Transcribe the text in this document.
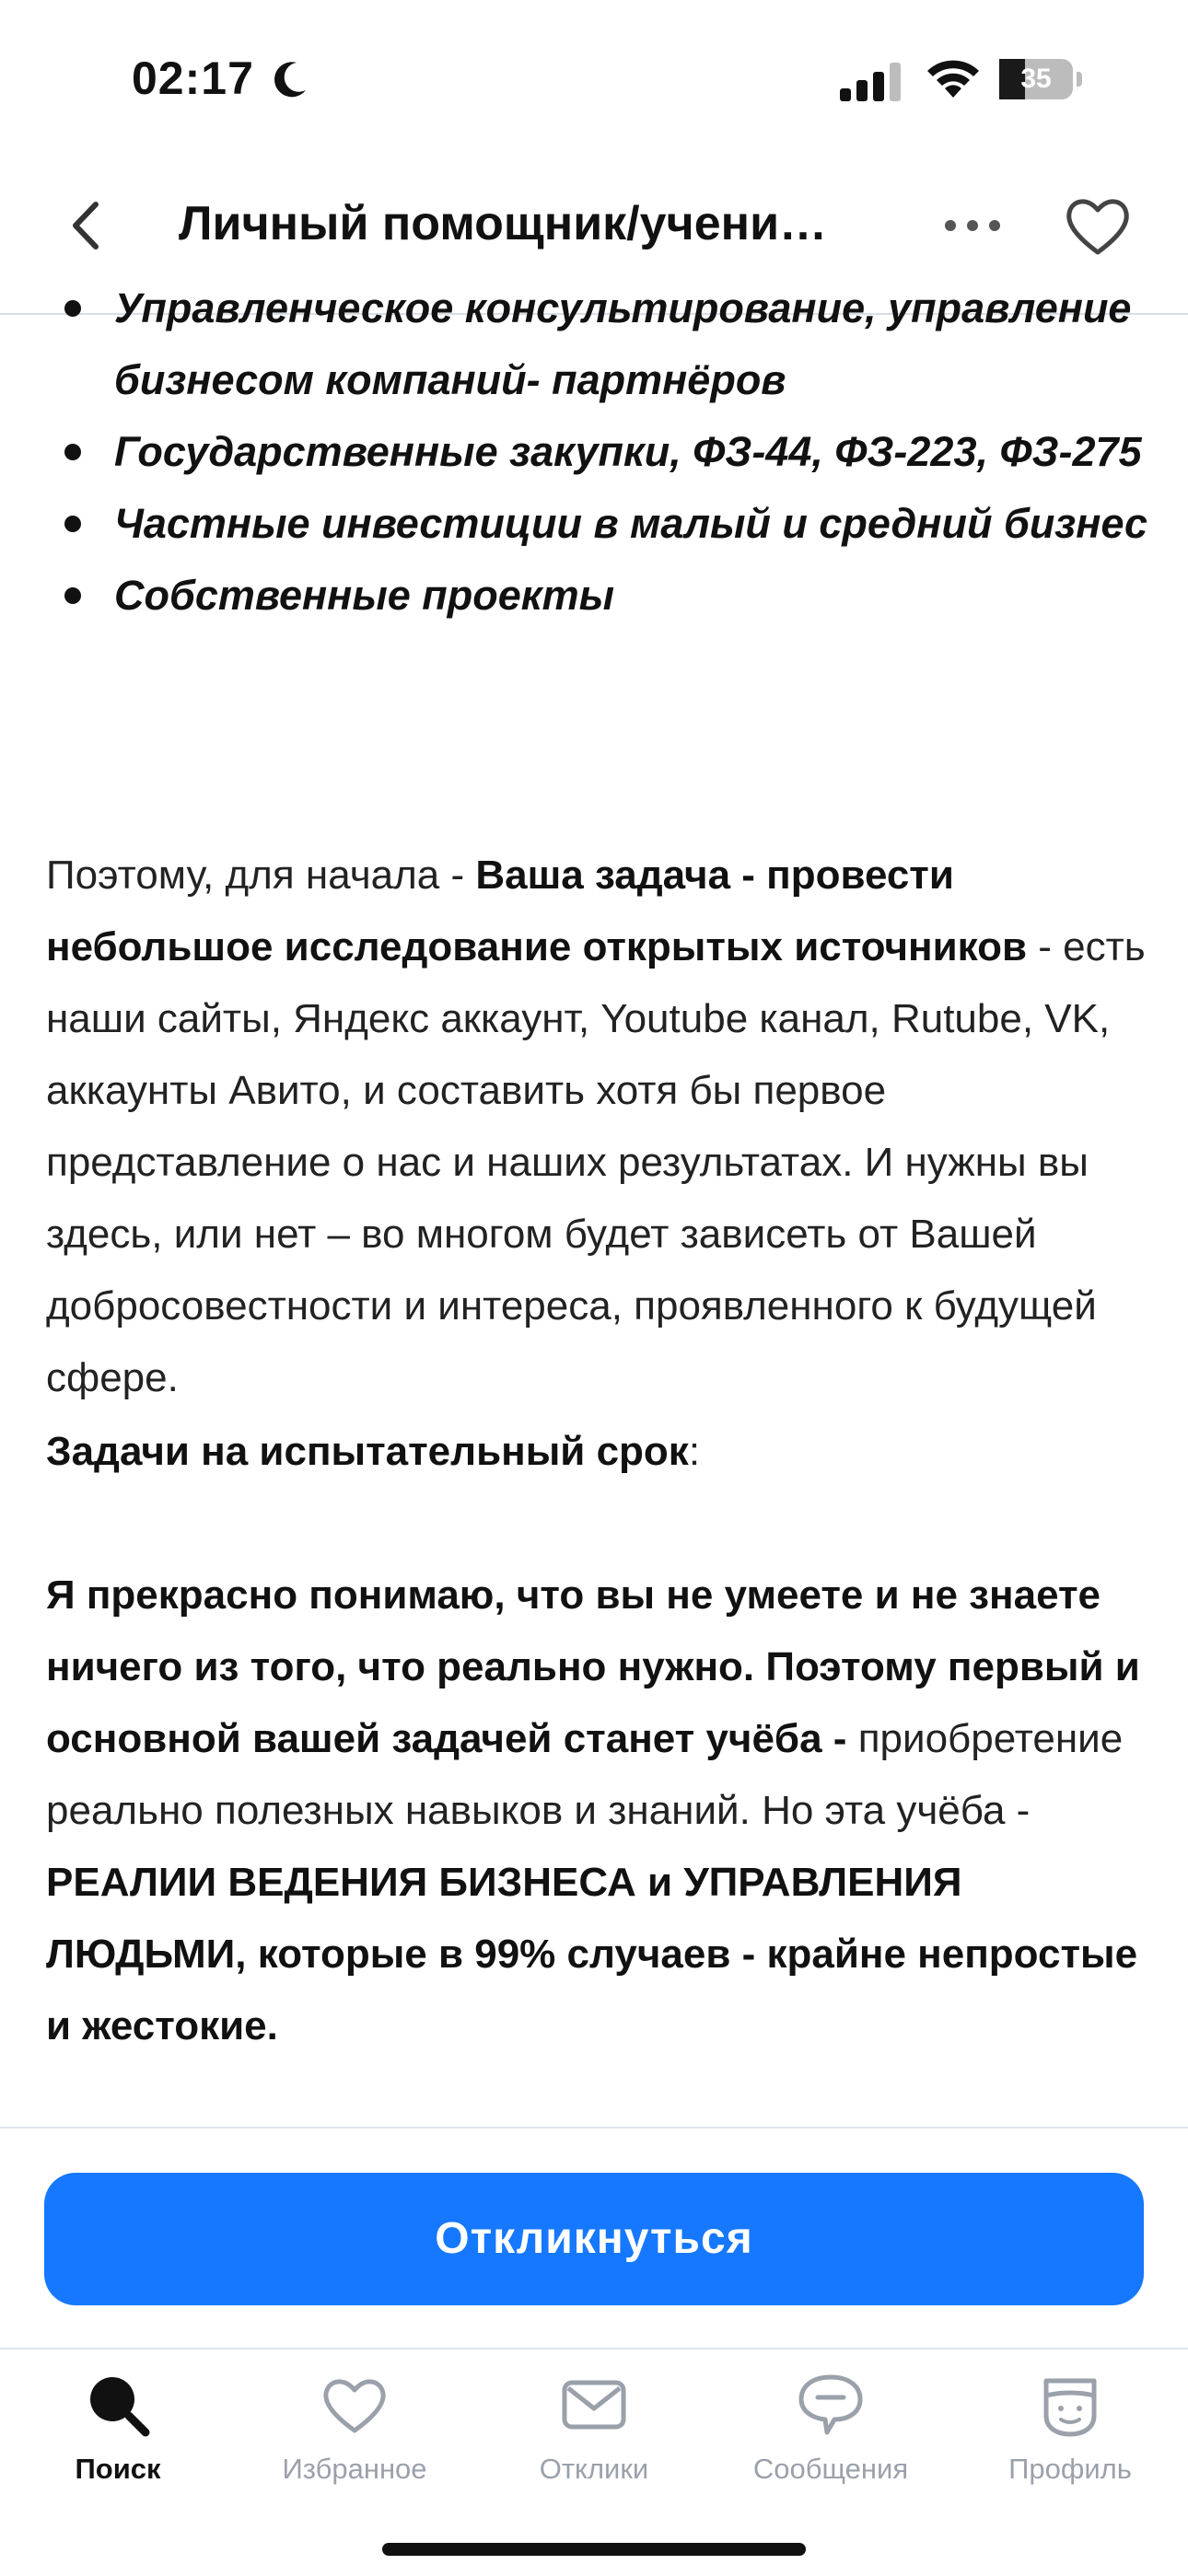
02:17	35
Личный помощник/учени…
Управленческое консультирование, управление бизнесом компаний- партнёров
Государственные закупки, ФЗ-44, ФЗ-223, ФЗ-275
Частные инвестиции в малый и средний бизнес
Собственные проекты

Поэтому, для начала - Ваша задача - провести небольшое исследование открытых источников - есть наши сайты, Яндекс аккаунт, Youtube канал, Rutube, VK, аккаунты Авито, и составить хотя бы первое представление о нас и наших результатах. И нужны вы здесь, или нет – во многом будет зависеть от Вашей добросовестности и интереса, проявленного к будущей сфере.

Задачи на испытательный срок:

Я прекрасно понимаю, что вы не умеете и не знаете ничего из того, что реально нужно. Поэтому первый и основной вашей задачей станет учёба - приобретение реально полезных навыков и знаний. Но эта учёба - РЕАЛИИ ВЕДЕНИЯ БИЗНЕСА и УПРАВЛЕНИЯ ЛЮДЬМИ, которые в 99% случаев - крайне непростые и жестокие.

Откликнуться
Поиск	Избранное	Отклики	Сообщения	Профиль
